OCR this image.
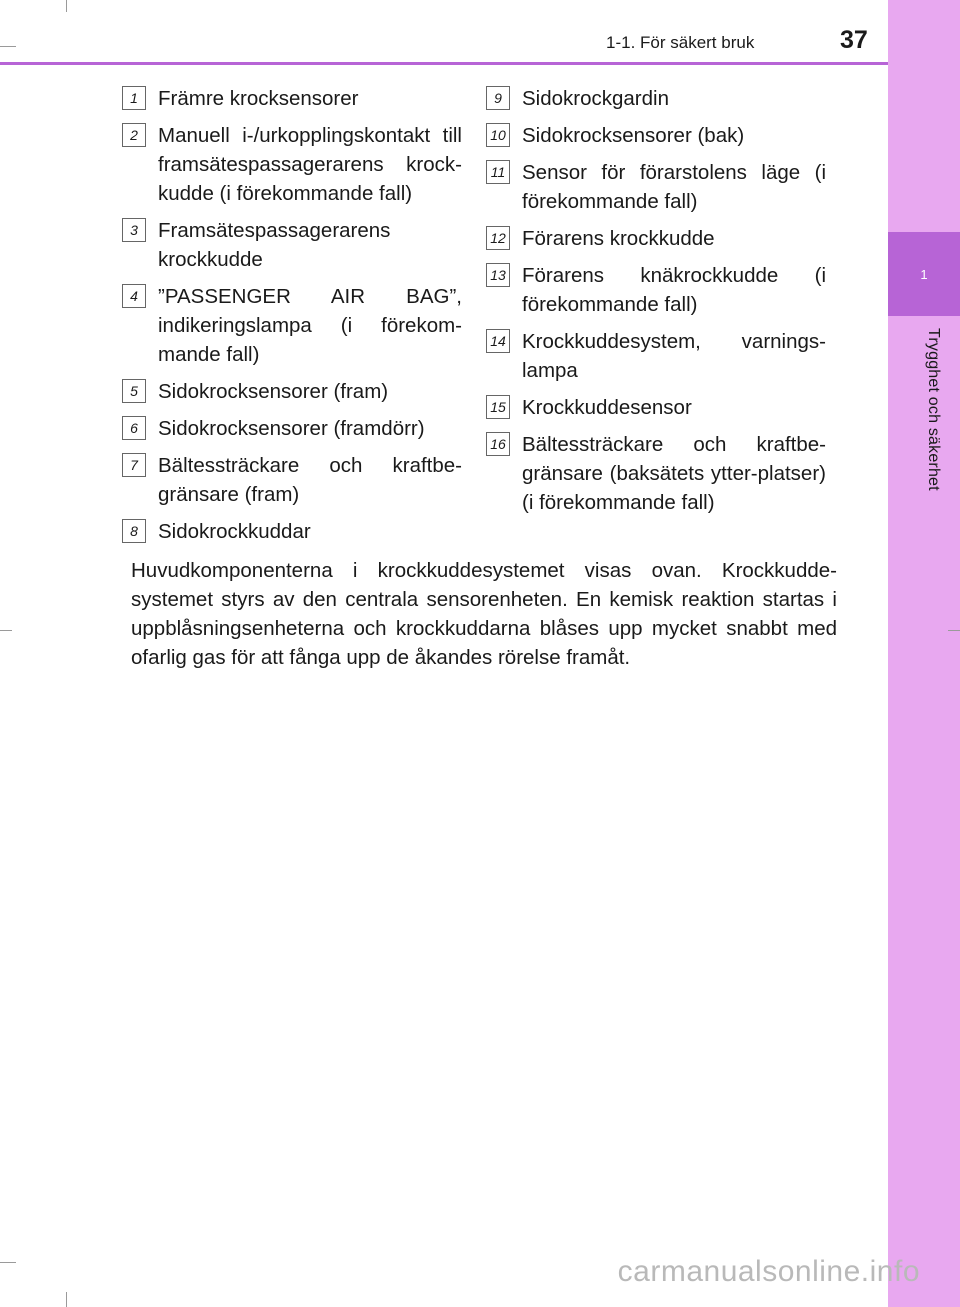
1
Trygghet och säkerhet
1-1. För säkert bruk	37
1 Främre krocksensorer
2 Manuell i-/urkopplingskontakt till framsätespassagerarens krock-kudde (i förekommande fall)
3 Framsätespassagerarens krockkudde
4 ”PASSENGER AIR BAG”, indikeringslampa (i förekom-mande fall)
5 Sidokrocksensorer (fram)
6 Sidokrocksensorer (framdörr)
7 Bältessträckare och kraftbe-gränsare (fram)
8 Sidokrockkuddar
9 Sidokrockgardin
10 Sidokrocksensorer (bak)
11 Sensor för förarstolens läge (i förekommande fall)
12 Förarens krockkudde
13 Förarens knäkrockkudde (i förekommande fall)
14 Krockkuddesystem, varnings-lampa
15 Krockkuddesensor
16 Bältessträckare och kraftbe-gränsare (baksätets ytter-platser) (i förekommande fall)

Huvudkomponenterna i krockkuddesystemet visas ovan. Krockkudde-systemet styrs av den centrala sensorenheten. En kemisk reaktion startas i uppblåsningsenheterna och krockkuddarna blåses upp mycket snabbt med ofarlig gas för att fånga upp de åkandes rörelse framåt.

carmanualsonline.info
